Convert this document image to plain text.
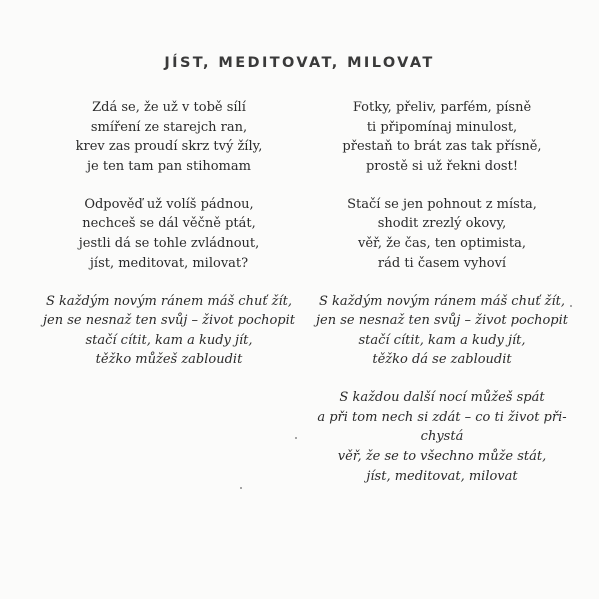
JÍST, MEDITOVAT, MILOVAT
Zdá se, že už v tobě sílí
smíření ze starejch ran,
krev zas proudí skrz tvý žíly,
je ten tam pan stihomam
Odpověď už volíš pádnou,
nechceš se dál věčně ptát,
jestli dá se tohle zvládnout,
jíst, meditovat, milovat?
S každým novým ránem máš chuť žít,
jen se nesnaž ten svůj – život pochopit
stačí cítit, kam a kudy jít,
těžko můžeš zabloudit
Fotky, přeliv, parfém, písně
ti připomínaj minulost,
přestaň to brát zas tak přísně,
prostě si už řekni dost!
Stačí se jen pohnout z místa,
shodit zrezlý okovy,
věř, že čas, ten optimista,
rád ti časem vyhoví
S každým novým ránem máš chuť žít,
jen se nesnaž ten svůj – život pochopit
stačí cítit, kam a kudy jít,
těžko dá se zabloudit
S každou další nocí můžeš spát
a při tom nech si zdát – co ti život při-
chystá
věř, že se to všechno může stát,
jíst, meditovat, milovat
